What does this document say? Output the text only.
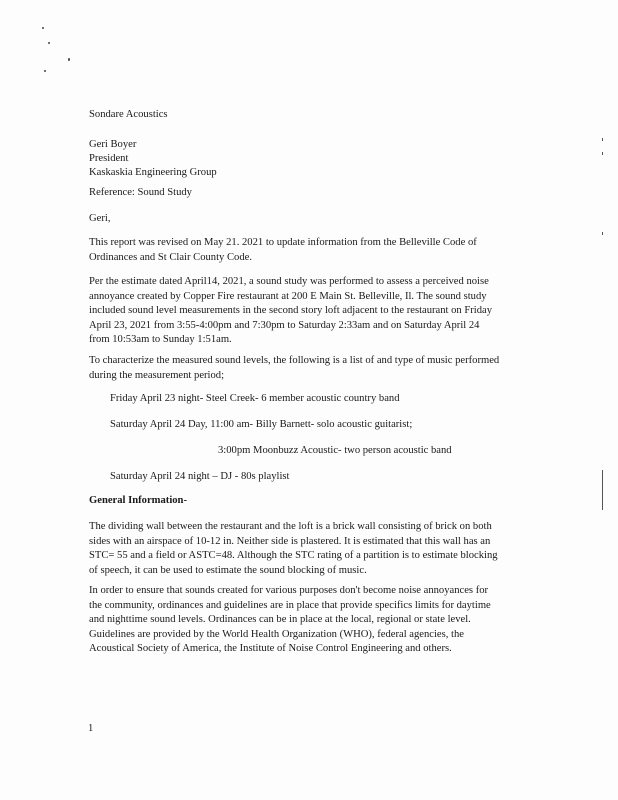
Sondare Acoustics

Geri Boyer

President

Kaskaskia Engineering Group

Reference: Sound Study

Geri,

This report was revised on May 21. 2021 to update information from the Belleville Code of
Ordinances and St Clair County Code.
Per the estimate dated April14, 2021, a sound study was performed to assess a perceived noise
annoyance created by Copper Fire restaurant at 200 E Main St. Belleville, Il. The sound study
included sound level measurements in the second story loft adjacent to the restaurant on Friday
April 23, 2021 from 3:55-4:00pm and 7:30pm to Saturday 2:33am and on Saturday April 24
from 10:53am to Sunday 1:51am.
To characterize the measured sound levels, the following is a list of and type of music performed
during the measurement period;

Friday April 23 night- Steel Creek- 6 member acoustic country band

Saturday April 24 Day, 11:00 am- Billy Barnett- solo acoustic guitarist;

3:00pm Moonbuzz Acoustic- two person acoustic band

Saturday April 24 night – DJ - 80s playlist

General Information-

The dividing wall between the restaurant and the loft is a brick wall consisting of brick on both
sides with an airspace of 10-12 in. Neither side is plastered. It is estimated that this wall has an
STC= 55 and a field or ASTC=48. Although the STC rating of a partition is to estimate blocking
of speech, it can be used to estimate the sound blocking of music.
In order to ensure that sounds created for various purposes don't become noise annoyances for
the community, ordinances and guidelines are in place that provide specifics limits for daytime
and nighttime sound levels. Ordinances can be in place at the local, regional or state level.
Guidelines are provided by the World Health Organization (WHO), federal agencies, the
Acoustical Society of America, the Institute of Noise Control Engineering and others.

1
